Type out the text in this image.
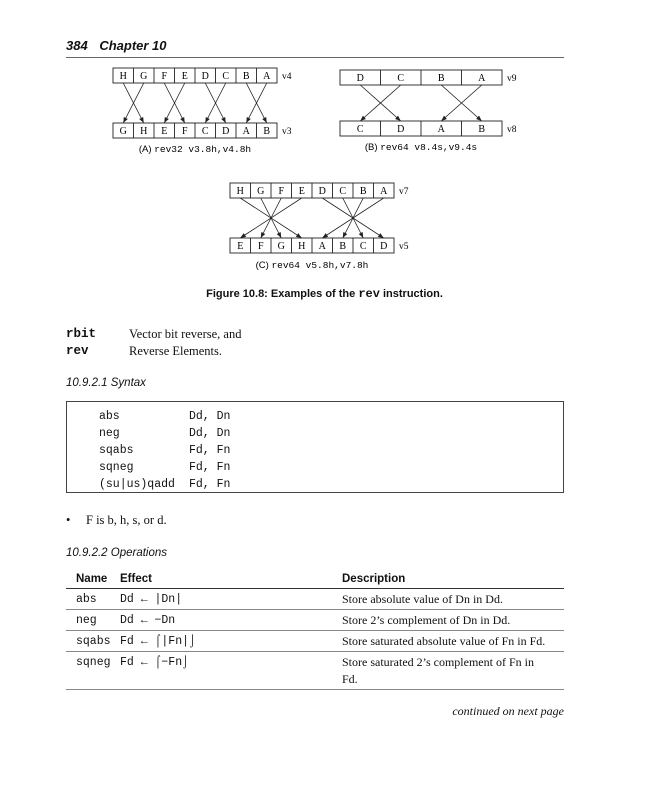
384 Chapter 10
H G F E D C B A
G H E F C D A B
D	C	B	A
C	D	A	B
H G F E D C B A
E F G H A B C D
v4
v3
(A) rev32 v3.8h,v4.8h
v9
v8
(B) rev64 v8.4s,v9.4s
v7
v5
(C) rev64 v5.8h,v7.8h
Figure 10.8: Examples of the rev instruction.
rbit	Vector bit reverse, and
rev	Reverse Elements.
10.9.2.1 Syntax
abs	Dd, Dn
neg	Dd, Dn
sqabs	Fd, Fn
sqneg	Fd, Fn
(su|us)qadd	Fd, Fn
•	F is b, h, s, or d.
10.9.2.2 Operations
Name	Effect	Description
abs	Dd ← |Dn|	Store absolute value of Dn in Dd.
neg	Dd ← −Dn	Store 2’s complement of Dn in Dd.
sqabs Fd ← ⌠|Fn|⌡	Store saturated absolute value of Fn in Fd.
sqneg Fd ← ⌠−Fn⌡	Store saturated 2’s complement of Fn in Fd.
continued on next page
